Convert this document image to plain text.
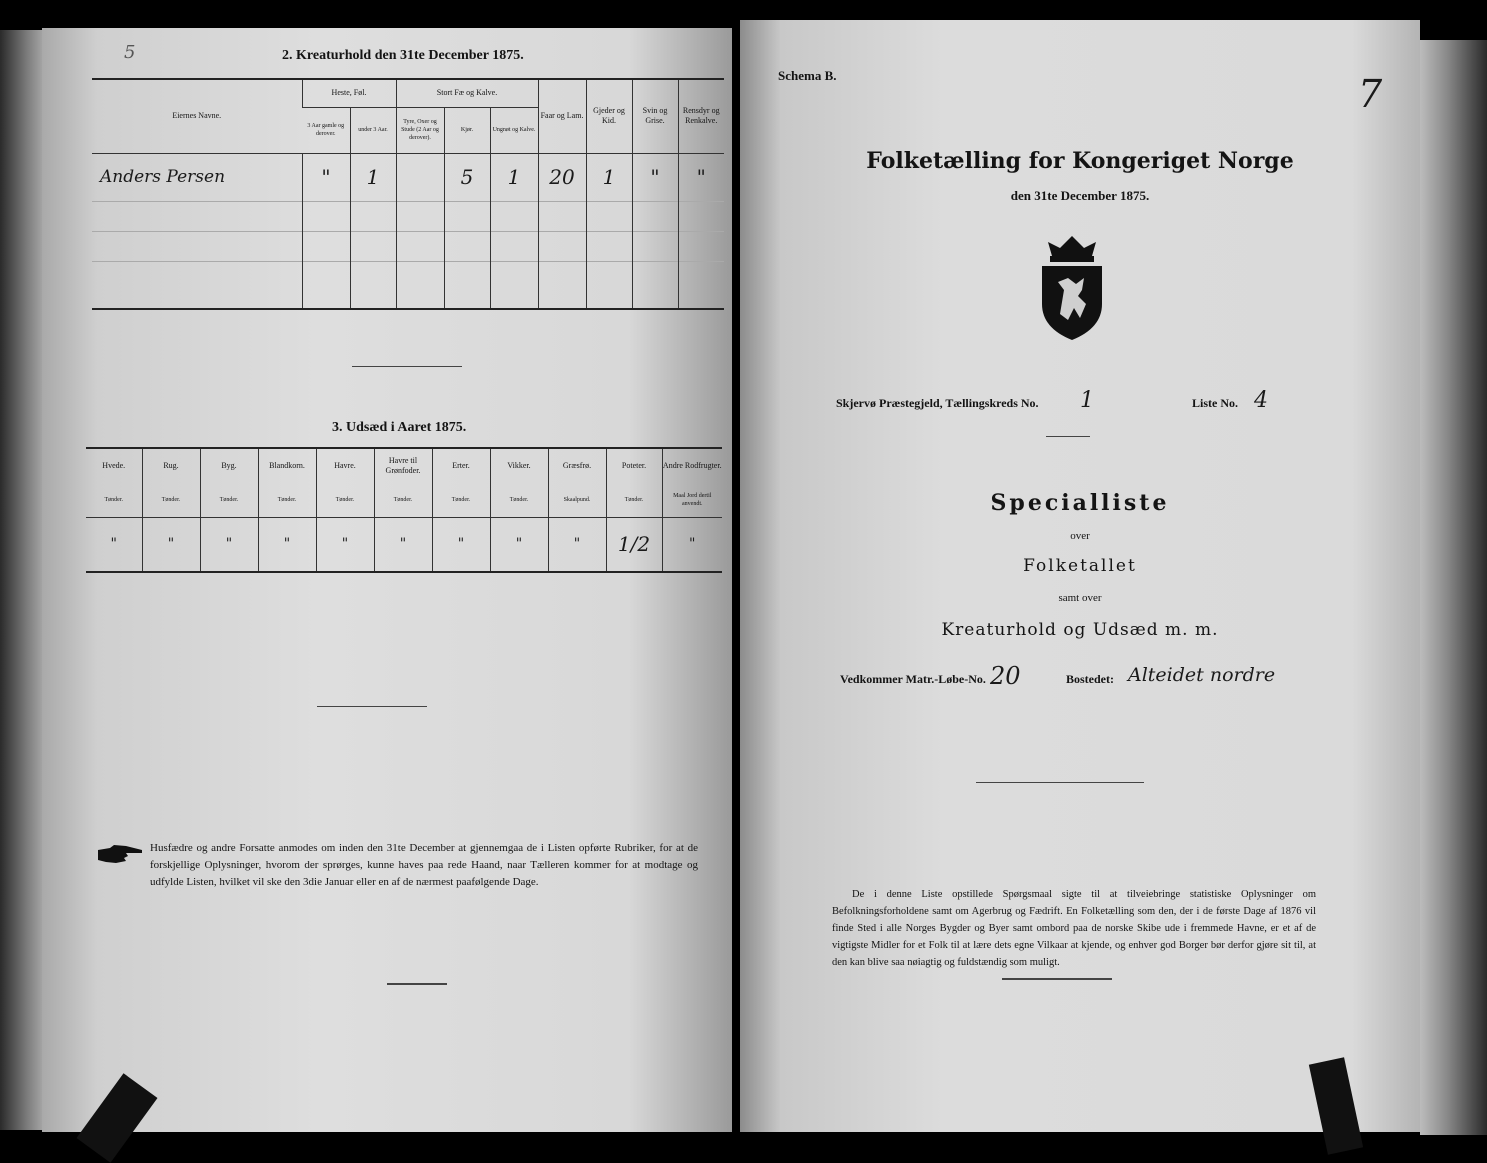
5	2. Kreaturhold den 31te December 1875.
Eiernes Navne.	Heste, Føl.		Stort Fæ og Kalve.			Faar og Lam.	Gjeder og Kid.	Svin og Grise.	Rensdyr og Renkalve.
	3 Aar gamle og derover.	under 3 Aar.	Tyre, Oxer og Stude (2 Aar og derover).	Kjør.	Ungnøt og Kalve.				
Anders Persen	"	1		5	1	20	1	"	"

3. Udsæd i Aaret 1875.
Hvede.	Rug.	Byg.	Blandkorn.	Havre.	Havre til Grønfoder.	Erter.	Vikker.	Græsfrø.	Poteter.	Andre Rodfrugter.
Tønder.	Tønder.	Tønder.	Tønder.	Tønder.	Tønder.	Tønder.	Tønder.	Skaalpund.	Tønder.	Maal Jord dertil anvendt.
"	"	"	"	"	"	"	"	"	1/2	"
Husfædre og andre Forsatte anmodes om inden den 31te December at gjennemgaa de i Listen opførte Rubriker, for at de forskjellige Oplysninger, hvorom der sprørges, kunne haves paa rede Haand, naar Tælleren kommer for at modtage og udfylde Listen, hvilket vil ske den 3die Januar eller en af de nærmest paafølgende Dage.
7
Schema B.
Folketælling for Kongeriget Norge
den 31te December 1875.
Skjervø Præstegjeld, Tællingskreds No. 1	Liste No. 4
Specialliste
over
Folketallet
samt over
Kreaturhold og Udsæd m. m.
Vedkommer Matr.-Løbe-No. 20	Bostedet: Alteidet nordre
De i denne Liste opstillede Spørgsmaal sigte til at tilveiebringe statistiske Oplysninger om Befolkningsforholdene samt om Agerbrug og Fædrift. En Folketælling som den, der i de første Dage af 1876 vil finde Sted i alle Norges Bygder og Byer samt ombord paa de norske Skibe ude i fremmede Havne, er et af de vigtigste Midler for et Folk til at lære dets egne Vilkaar at kjende, og enhver god Borger bør derfor gjøre sit til, at den kan blive saa nøiagtig og fuldstændig som muligt.
